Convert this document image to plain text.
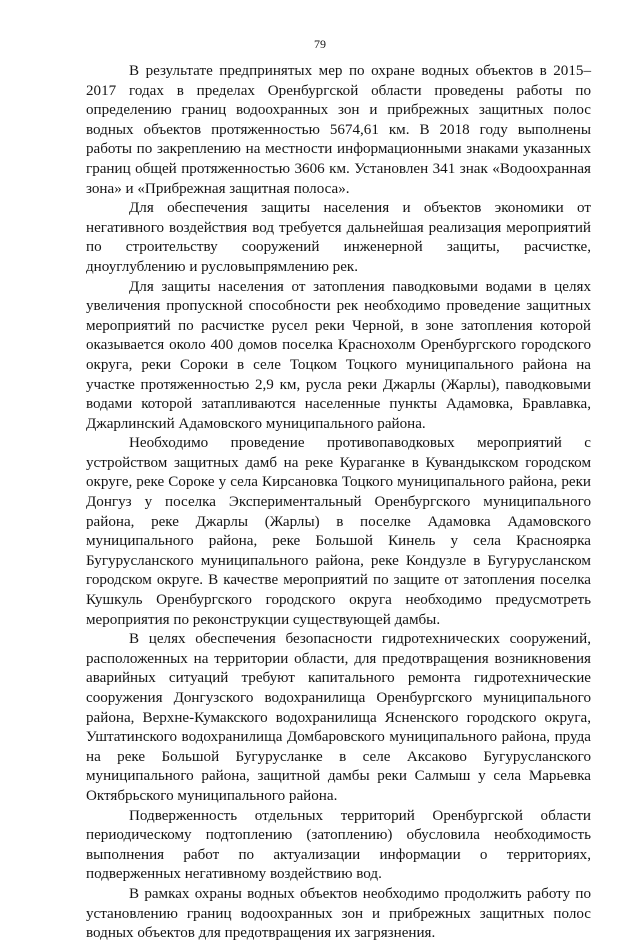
79

В результате предпринятых мер по охране водных объектов в 2015–2017 годах в пределах Оренбургской области проведены работы по определению границ водоохранных зон и прибрежных защитных полос водных объектов протяженностью 5674,61 км. В 2018 году выполнены работы по закреплению на местности информационными знаками указанных границ общей протяженностью 3606 км. Установлен 341 знак «Водоохранная зона» и «Прибрежная защитная полоса».

Для обеспечения защиты населения и объектов экономики от негативного воздействия вод требуется дальнейшая реализация мероприятий по строительству сооружений инженерной защиты, расчистке, дноуглублению и русловыпрямлению рек.

Для защиты населения от затопления паводковыми водами в целях увеличения пропускной способности рек необходимо проведение защитных мероприятий по расчистке русел реки Черной, в зоне затопления которой оказывается около 400 домов поселка Краснохолм Оренбургского городского округа, реки Сороки в селе Тоцком Тоцкого муниципального района на участке протяженностью 2,9 км, русла реки Джарлы (Жарлы), паводковыми водами которой затапливаются населенные пункты Адамовка, Бравлавка, Джарлинский Адамовского муниципального района.

Необходимо проведение противопаводковых мероприятий с устройством защитных дамб на реке Кураганке в Кувандыкском городском округе, реке Сороке у села Кирсановка Тоцкого муниципального района, реки Донгуз у поселка Экспериментальный Оренбургского муниципального района, реке Джарлы (Жарлы) в поселке Адамовка Адамовского муниципального района, реке Большой Кинель у села Краснoярка Бугурусланского муниципального района, реке Кондузле в Бугурусланском городском округе. В качестве мероприятий по защите от затопления поселка Кушкуль Оренбургского городского округа необходимо предусмотреть мероприятия по реконструкции существующей дамбы.

В целях обеспечения безопасности гидротехнических сооружений, расположенных на территории области, для предотвращения возникновения аварийных ситуаций требуют капитального ремонта гидротехнические сооружения Донгузского водохранилища Оренбургского муниципального района, Верхне-Кумакского водохранилища Ясненского городского округа, Уштатинского водохранилища Домбаровского муниципального района, пруда на реке Большой Бугурусланке в селе Аксаково Бугурусланского муниципального района, защитной дамбы реки Салмыш у села Марьевка Октябрьского муниципального района.

Подверженность отдельных территорий Оренбургской области периодическому подтоплению (затоплению) обусловила необходимость выполнения работ по актуализации информации о территориях, подверженных негативному воздействию вод.

В рамках охраны водных объектов необходимо продолжить работу по установлению границ водоохранных зон и прибрежных защитных полос водных объектов для предотвращения их загрязнения.
